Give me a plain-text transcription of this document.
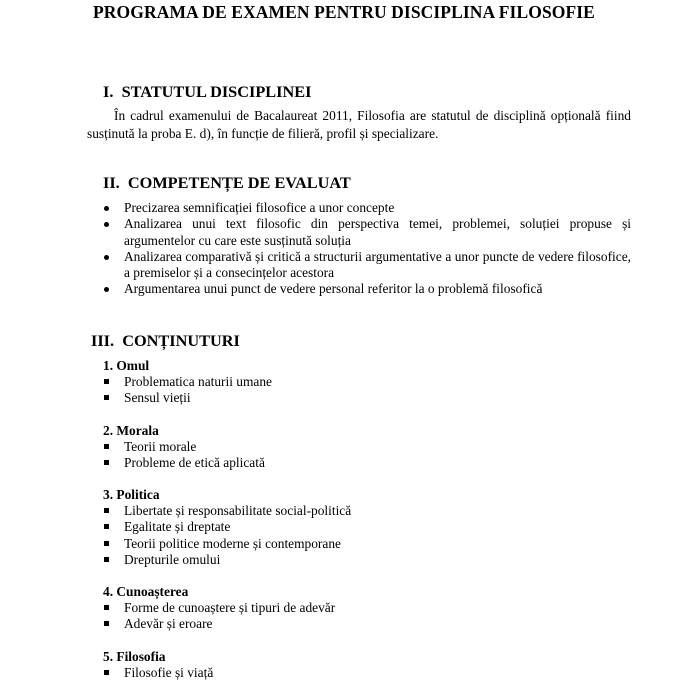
PROGRAMA DE EXAMEN PENTRU DISCIPLINA FILOSOFIE
I. STATUTUL DISCIPLINEI
În cadrul examenului de Bacalaureat 2011, Filosofia are statutul de disciplină opțională fiind susținută la proba E. d), în funcție de filieră, profil și specializare.
II. COMPETENȚE DE EVALUAT
Precizarea semnificației filosofice a unor concepte
Analizarea unui text filosofic din perspectiva temei, problemei, soluției propuse și argumentelor cu care este susținută soluția
Analizarea comparativă și critică a structurii argumentative a unor puncte de vedere filosofice, a premiselor și a consecințelor acestora
Argumentarea unui punct de vedere personal referitor la o problemă filosofică
III. CONȚINUTURI
1. Omul
Problematica naturii umane
Sensul vieții
2. Morala
Teorii morale
Probleme de etică aplicată
3. Politica
Libertate și responsabilitate social-politică
Egalitate și dreptate
Teorii politice moderne și contemporane
Drepturile omului
4. Cunoașterea
Forme de cunoaștere și tipuri de adevăr
Adevăr și eroare
5. Filosofia
Filosofie și viață
